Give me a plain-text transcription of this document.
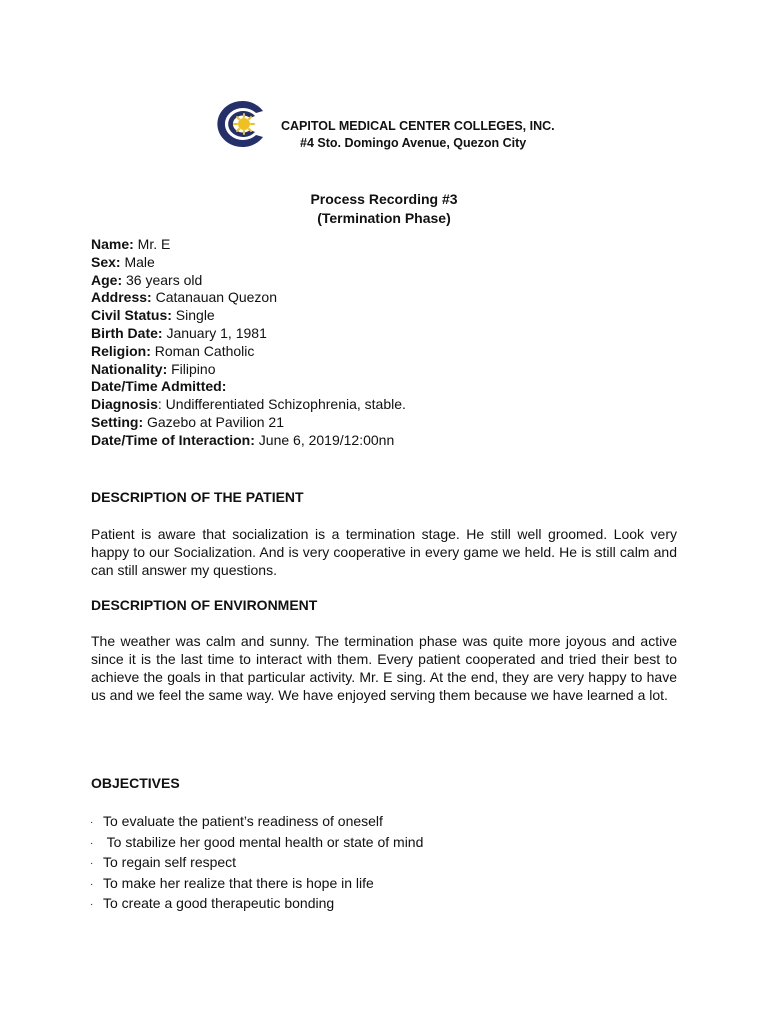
CAPITOL MEDICAL CENTER COLLEGES, INC.
#4 Sto. Domingo Avenue, Quezon City
Process Recording #3
(Termination Phase)
Name: Mr. E
Sex: Male
Age: 36 years old
Address: Catanauan Quezon
Civil Status: Single
Birth Date: January 1, 1981
Religion: Roman Catholic
Nationality: Filipino
Date/Time Admitted:
Diagnosis: Undifferentiated Schizophrenia, stable.
Setting: Gazebo at Pavilion 21
Date/Time of Interaction: June 6, 2019/12:00nn
DESCRIPTION OF THE PATIENT
Patient is aware that socialization is a termination stage. He still well groomed. Look very happy to our Socialization. And is very cooperative in every game we held. He is still calm and can still answer my questions.
DESCRIPTION OF ENVIRONMENT
The weather was calm and sunny. The termination phase was quite more joyous and active since it is the last time to interact with them. Every patient cooperated and tried their best to achieve the goals in that particular activity. Mr. E sing. At the end, they are very happy to have us and we feel the same way. We have enjoyed serving them because we have learned a lot.
OBJECTIVES
· To evaluate the patient’s readiness of oneself
· To stabilize her good mental health or state of mind
· To regain self respect
· To make her realize that there is hope in life
· To create a good therapeutic bonding
